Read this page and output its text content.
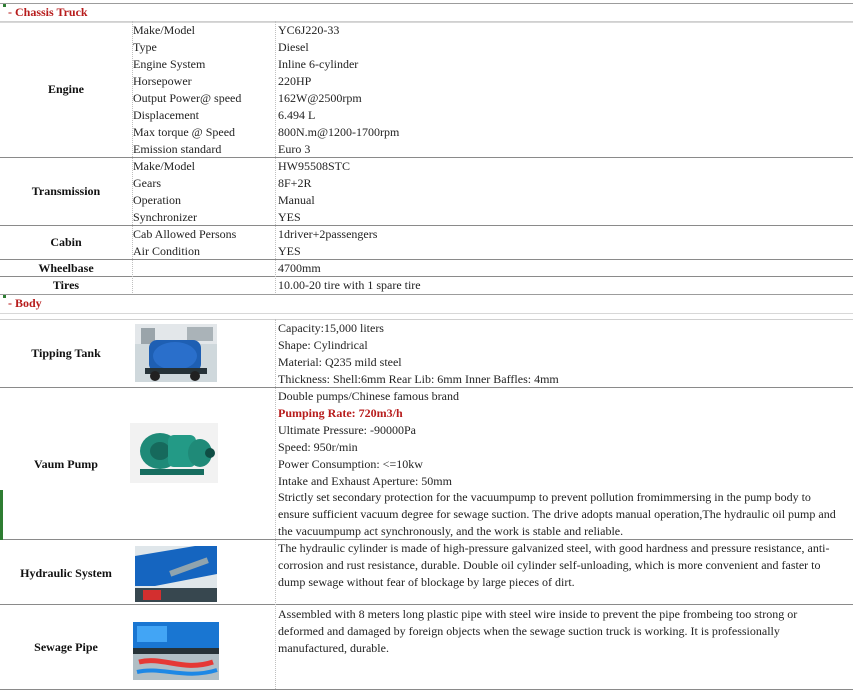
- Chassis Truck
Engine
Make/Model	YC6J220-33
Type	Diesel
Engine System	Inline 6-cylinder
Horsepower	220HP
Output Power@ speed	162W@2500rpm
Displacement	6.494 L
Max torque @ Speed	800N.m@1200-1700rpm
Emission standard	Euro 3
Transmission
Make/Model	HW95508STC
Gears	8F+2R
Operation	Manual
Synchronizer	YES
Cabin
Cab Allowed Persons	1driver+2passengers
Air Condition	YES
Wheelbase	4700mm
Tires	10.00-20 tire with 1 spare tire
- Body
Tipping Tank
Capacity:15,000 liters
Shape: Cylindrical
Material: Q235 mild steel
Thickness: Shell:6mm Rear Lib: 6mm Inner Baffles: 4mm
Vaum Pump
Double pumps/Chinese famous brand
Pumping Rate: 720m3/h
Ultimate Pressure: -90000Pa
Speed: 950r/min
Power Consumption: <=10kw
Intake and Exhaust Aperture: 50mm
Strictly set secondary protection for the vacuumpump to prevent pollution fromimmersing in the pump body to ensure sufficient vacuum degree for sewage suction. The drive adopts manual operation,The hydraulic oil pump and the vacuumpump act synchronously, and the work is stable and reliable.
Hydraulic System
The hydraulic cylinder is made of high-pressure galvanized steel, with good hardness and pressure resistance, anti-corrosion and rust resistance, durable. Double oil cylinder self-unloading, which is more convenient and faster to dump sewage without fear of blockage by large pieces of dirt.
Sewage Pipe
Assembled with 8 meters long plastic pipe with steel wire inside to prevent the pipe frombeing too strong or deformed and damaged by foreign objects when the sewage suction truck is working. It is professionally manufactured, durable.
